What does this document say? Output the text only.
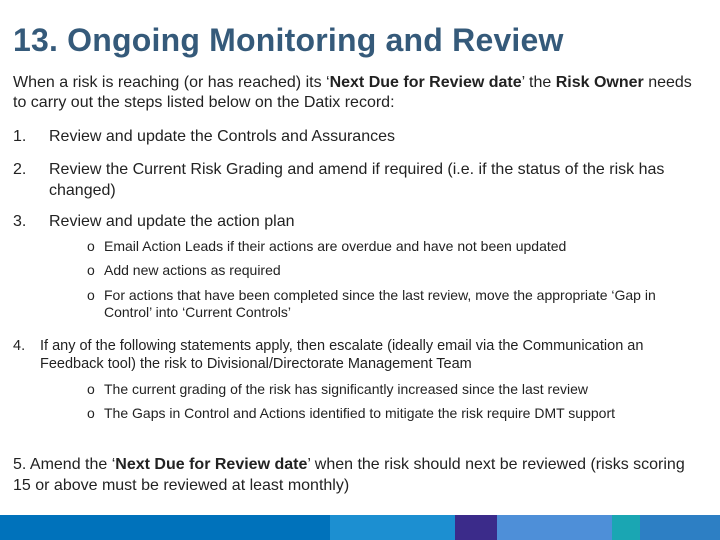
13. Ongoing Monitoring and Review
When a risk is reaching (or has reached) its ‘Next Due for Review date’ the Risk Owner needs to carry out the steps listed below on the Datix record:
1.	Review and update the Controls and Assurances
2.	Review the Current Risk Grading and amend if required (i.e. if the status of the risk has changed)
3.	Review and update the action plan
o Email Action Leads if their actions are overdue and have not been updated
o Add new actions as required
o For actions that have been completed since the last review, move the appropriate ‘Gap in Control’ into ‘Current Controls’
4. If any of the following statements apply, then escalate (ideally email via the Communication an Feedback tool) the risk to Divisional/Directorate Management Team
o The current grading of the risk has significantly increased since the last review
o The Gaps in Control and Actions identified to mitigate the risk require DMT support
5. Amend the ‘Next Due for Review date’ when the risk should next be reviewed (risks scoring 15 or above must be reviewed at least monthly)
